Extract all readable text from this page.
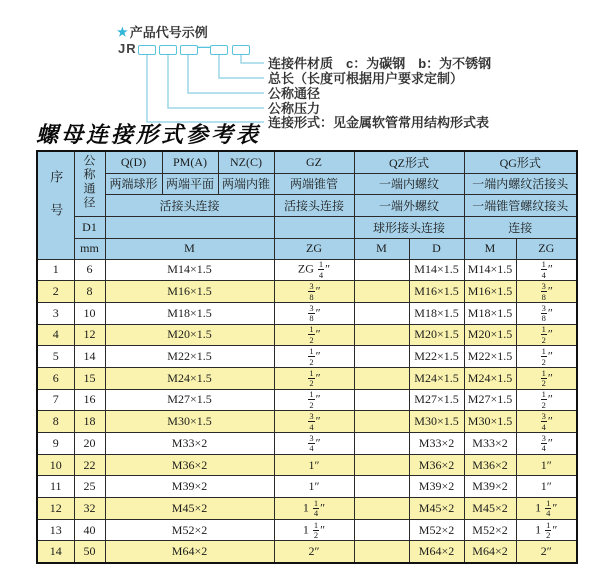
★ 产品代号示例
JR	—
连接件材质　c：为碳钢　b：为不锈钢
总长（长度可根据用户要求定制）
公称通径
公称压力
连接形式：见金属软管常用结构形式表
螺母连接形式参考表
序号	公称通径	Q(D)	PM(A)	NZ(C)	GZ	QZ形式		QG形式	
		两端球形	两端平面	两端内锥	两端锥管	一端内螺纹		一端内螺纹活接头	
		活接头连接			活接头连接	一端外螺纹		一端锥管螺纹接头	
	D1					球形接头连接		连接	
	mm	M			ZG	M	D	M	ZG
1	6	M14×1.5			ZG $\frac{1}{4}$ ″		M14×1.5	M14×1.5	$\frac{1}{4}$ ″
2	8	M16×1.5			$\frac{3}{8}$ ″		M16×1.5	M16×1.5	$\frac{3}{8}$ ″
3	10	M18×1.5			$\frac{3}{8}$ ″		M18×1.5	M18×1.5	$\frac{3}{8}$ ″
4	12	M20×1.5			$\frac{1}{2}$ ″		M20×1.5	M20×1.5	$\frac{1}{2}$ ″
5	14	M22×1.5			$\frac{1}{2}$ ″		M22×1.5	M22×1.5	$\frac{1}{2}$ ″
6	15	M24×1.5			$\frac{1}{2}$ ″		M24×1.5	M24×1.5	$\frac{1}{2}$ ″
7	16	M27×1.5			$\frac{1}{2}$ ″		M27×1.5	M27×1.5	$\frac{1}{2}$ ″
8	18	M30×1.5			$\frac{3}{4}$ ″		M30×1.5	M30×1.5	$\frac{3}{4}$ ″
9	20	M33×2			$\frac{3}{4}$ ″		M33×2	M33×2	$\frac{3}{4}$ ″
10	22	M36×2			1″		M36×2	M36×2	1″
11	25	M39×2			1″		M39×2	M39×2	1″
12	32	M45×2			$1 \frac{1}{4}$ ″		M45×2	M45×2	$1 \frac{1}{4}$ ″
13	40	M52×2			$1 \frac{1}{2}$ ″		M52×2	M52×2	$1 \frac{1}{2}$ ″
14	50	M64×2			2″		M64×2	M64×2	2″
